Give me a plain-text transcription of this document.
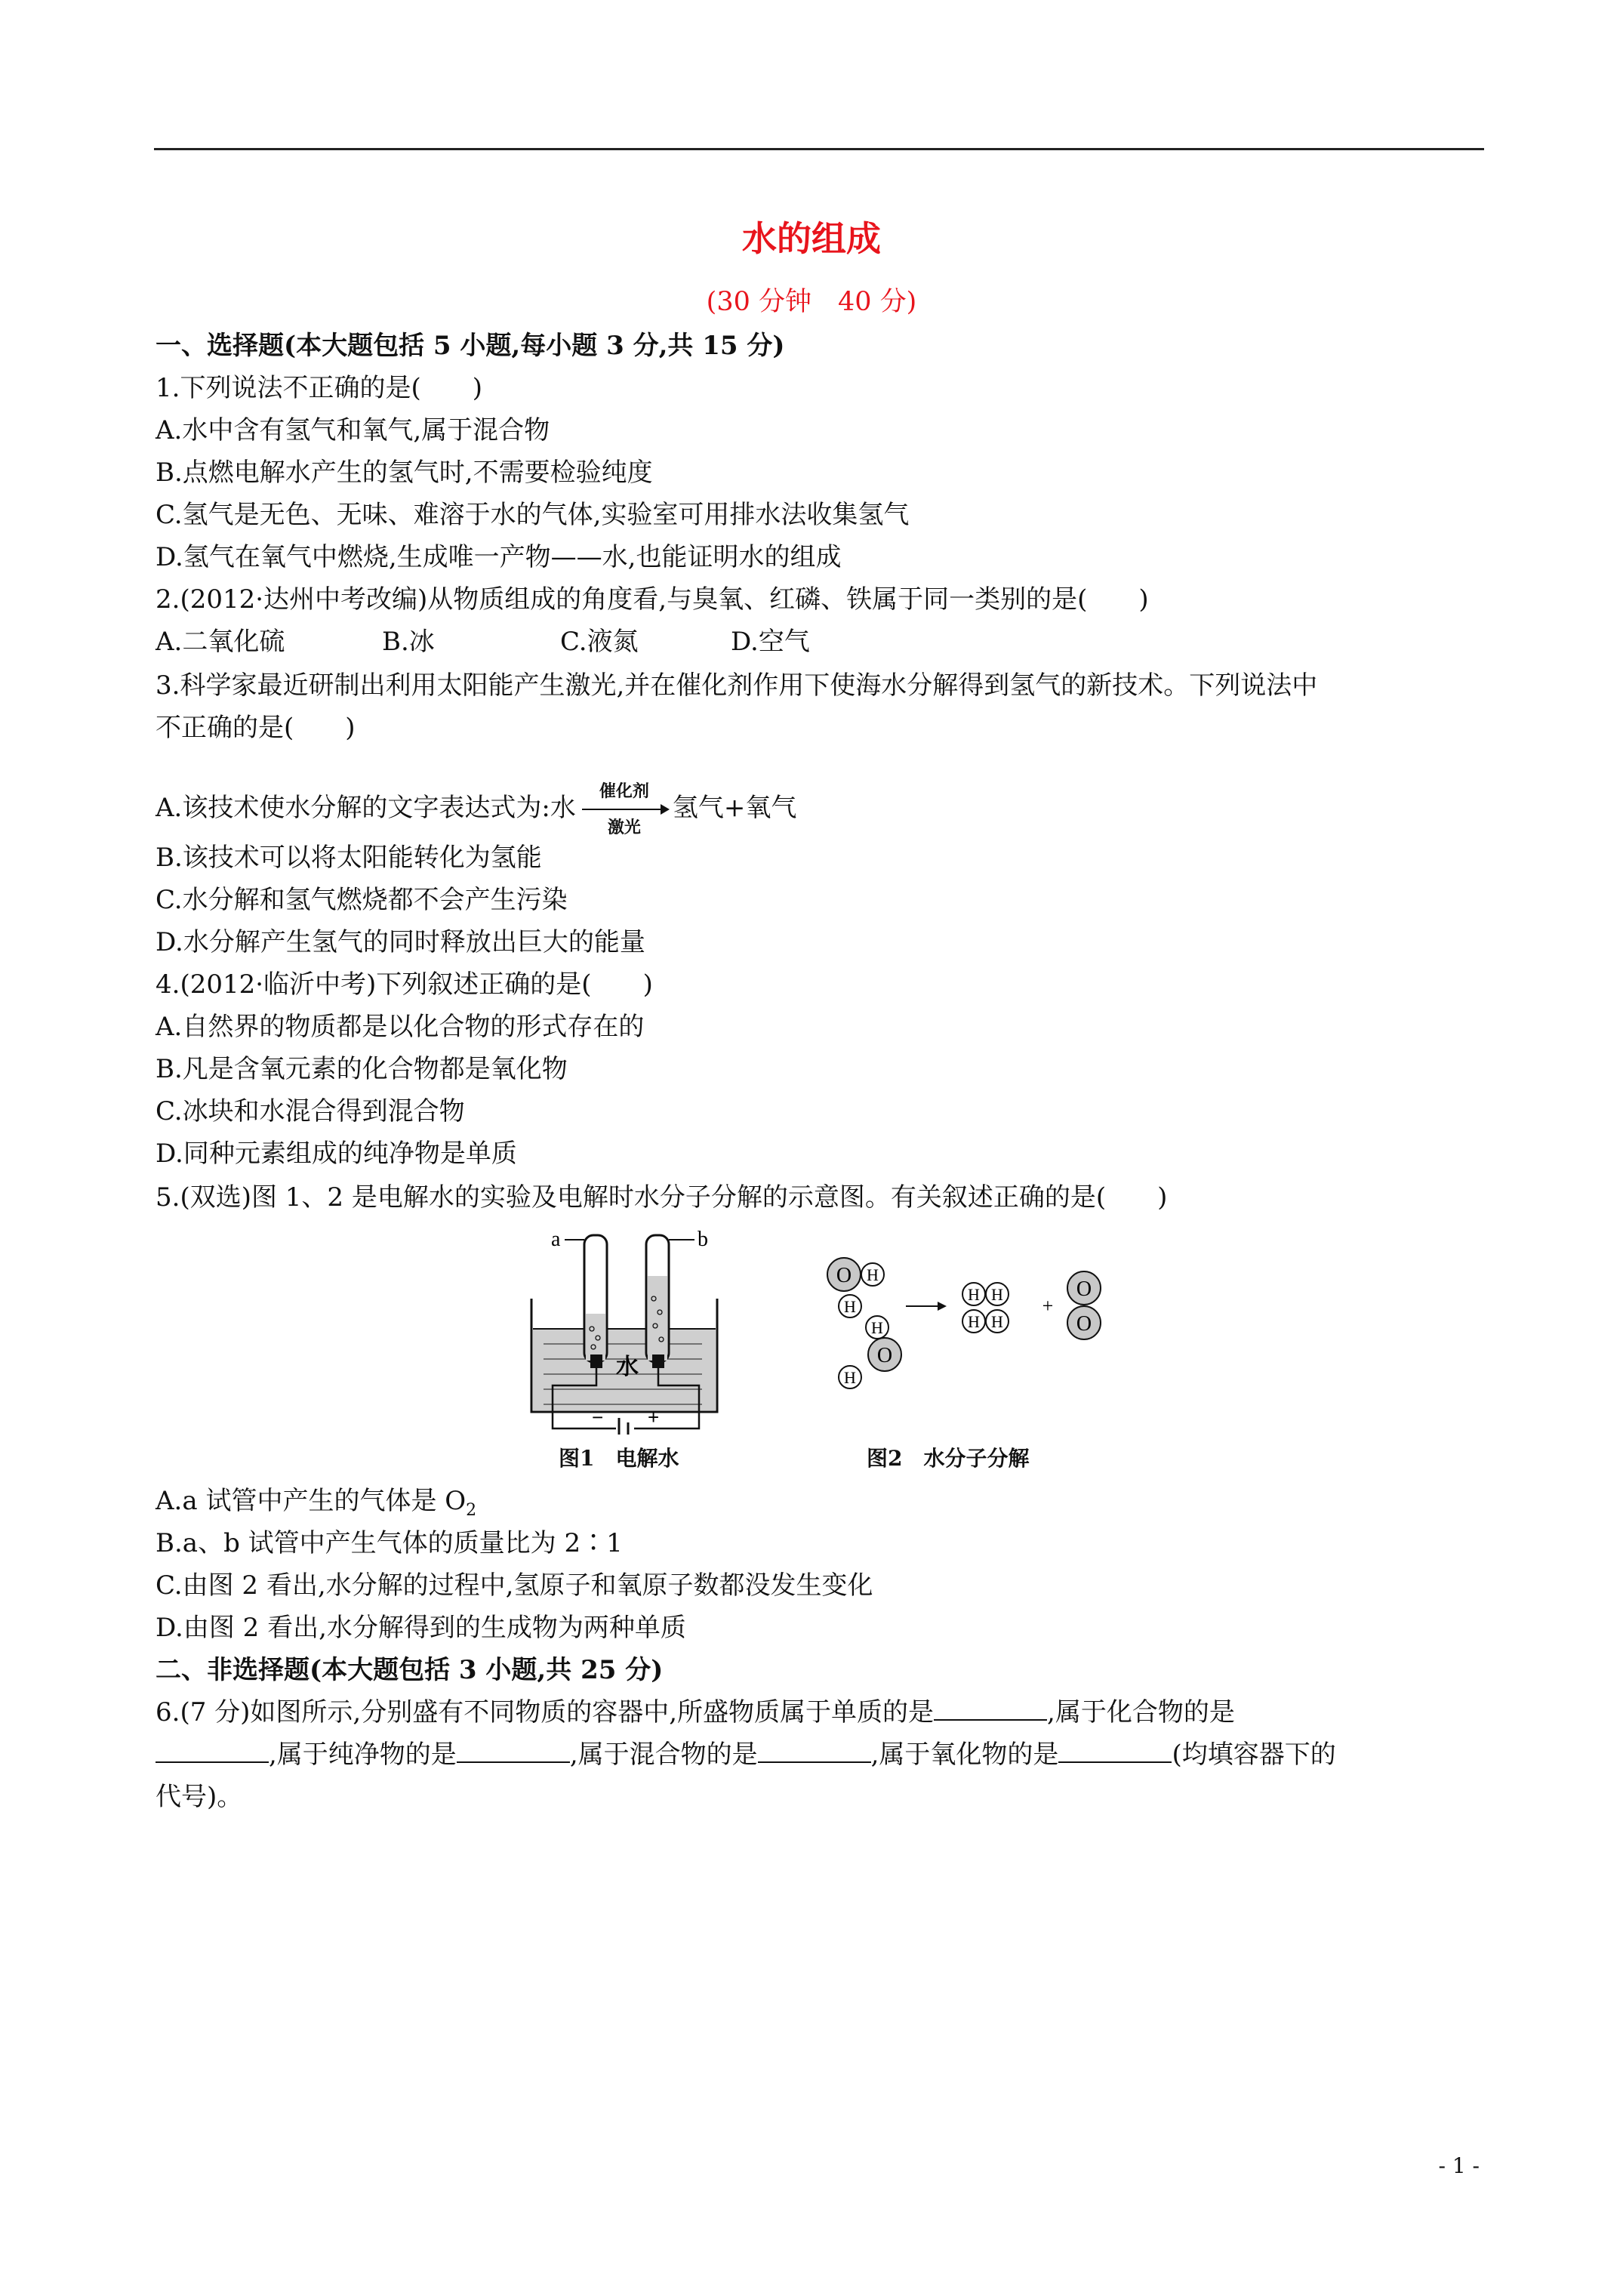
水的组成
(30 分钟　40 分)
一、选择题(本大题包括 5 小题,每小题 3 分,共 15 分)
1.下列说法不正确的是(　　)
A.水中含有氢气和氧气,属于混合物
B.点燃电解水产生的氢气时,不需要检验纯度
C.氢气是无色、无味、难溶于水的气体,实验室可用排水法收集氢气
D.氢气在氧气中燃烧,生成唯一产物——水,也能证明水的组成
2.(2012·达州中考改编)从物质组成的角度看,与臭氧、红磷、铁属于同一类别的是(　　)
A.二氧化硫	B.冰	C.液氮	D.空气
3.科学家最近研制出利用太阳能产生激光,并在催化剂作用下使海水分解得到氢气的新技术。下列说法中
不正确的是(　　)
A.该技术使水分解的文字表达式为:水
催化剂
激光
氢气+氧气
B.该技术可以将太阳能转化为氢能
C.水分解和氢气燃烧都不会产生污染
D.水分解产生氢气的同时释放出巨大的能量
4.(2012·临沂中考)下列叙述正确的是(　　)
A.自然界的物质都是以化合物的形式存在的
B.凡是含氧元素的化合物都是氧化物
C.冰块和水混合得到混合物
D.同种元素组成的纯净物是单质
5.(双选)图 1、2 是电解水的实验及电解时水分子分解的示意图。有关叙述正确的是(　　)
a	b
水
− +
图1　电解水
O H
H
H
O
H
H H
H H
+
O
O
图2　水分子分解
A.a 试管中产生的气体是 $O_2$
B.a、b 试管中产生气体的质量比为 2∶1
C.由图 2 看出,水分解的过程中,氢原子和氧原子数都没发生变化
D.由图 2 看出,水分解得到的生成物为两种单质
二、非选择题(本大题包括 3 小题,共 25 分)
6.(7 分)如图所示,分别盛有不同物质的容器中,所盛物质属于单质的是	,属于化合物的是
,属于纯净物的是	,属于混合物的是	,属于氧化物的是	(均填容器下的
代号)。
- 1 -
